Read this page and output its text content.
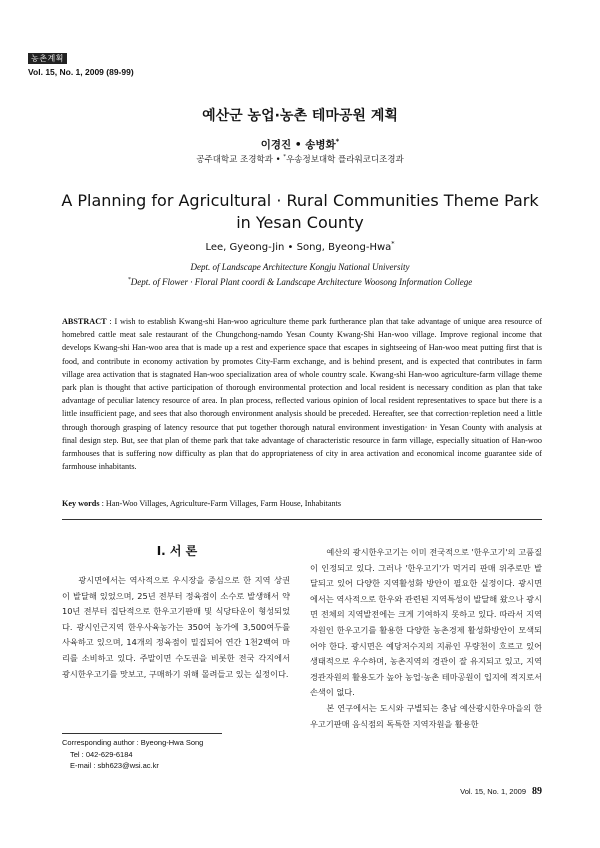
농촌계획
Vol. 15, No. 1, 2009 (89-99)
예산군 농업·농촌 테마공원 계획
이경진 • 송병화*
공주대학교 조경학과 • *우송정보대학 플라워코디조경과
A Planning for Agricultural · Rural Communities Theme Park
in Yesan County
Lee, Gyeong-Jin • Song, Byeong-Hwa*
Dept. of Landscape Architecture Kongju National University
*Dept. of Flower · Floral Plant coordi & Landscape Architecture Woosong Information College
ABSTRACT : I wish to establish Kwang-shi Han-woo agriculture theme park furtherance plan that take advantage of unique area resource of homebred cattle meat sale restaurant of the Chungchong-namdo Yesan County Kwang-Shi Han-woo village. Improve regional income that develops Kwang-shi Han-woo area that is made up a rest and experience space that escapes in sightseeing of Han-woo meat putting first that is food, and contribute in economy activation by promotes City-Farm exchange, and is behind present, and is expected that contributes in farm village area activation that is stagnated Han-woo specialization area of whole country scale. Kwang-shi Han-woo agriculture-farm village theme park plan is thought that active participation of thorough environmental protection and local resident is necessary condition as plan that take advantage of peculiar latency resource of area. In plan process, reflected various opinion of local resident representatives to space but there is a little insufficient page, and sees that also thorough environment analysis should be preceded. Hereafter, see that correction·repletion need a little through thorough grasping of latency resource that put together thorough natural environment investigation· in Yesan County with analysis at final design step. But, see that plan of theme park that take advantage of characteristic resource in farm village, especially situation of Han-woo farmhouses that is suffering now difficulty as plan that do appropriateness of city in area activation and economical income guarantee side of farmhouse inhabitants.
Key words : Han-Woo Villages, Agriculture-Farm Villages, Farm House, Inhabitants
I. 서 론

광시면에서는 역사적으로 우시장을 중심으로 한 지역 상권이 발달해 있었으며, 25년 전부터 정육점이 소수로 발생해서 약 10년 전부터 집단적으로 한우고기판매 및 식당타운이 형성되었다. 광시인근지역 한우사육농가는 350여 농가에 3,500여두를 사육하고 있으며, 14개의 정육점이 밀집되어 연간 1천2백여 마리를 소비하고 있다. 주말이면 수도권을 비롯한 전국 각지에서 광시한우고기를 맛보고, 구매하기 위해 몰려들고 있는 실정이다.

예산의 광시한우고기는 이미 전국적으로 '한우고기'의 고품질이 인정되고 있다. 그러나 '한우고기'가 먹거리 판매 위주로만 발달되고 있어 다양한 지역활성화 방안이 필요한 실정이다. 광시면에서는 역사적으로 한우와 관련된 지역특성이 발달해 왔으나 광시면 전체의 지역발전에는 크게 기여하지 못하고 있다. 따라서 지역자원인 한우고기를 활용한 다양한 농촌경제 활성화방안이 모색되어야 한다. 광시면은 예당저수지의 지류인 무량천이 흐르고 있어 생태적으로 우수하며, 농촌지역의 경관이 잘 유지되고 있고, 지역경관자원의 활용도가 높아 농업·농촌 테마공원이 입지에 적지로서 손색이 없다.

본 연구에서는 도시와 구별되는 충남 예산광시한우마을의 한우고기판매 음식점의 독특한 지역자원을 활용한

Corresponding author : Byeong-Hwa Song
Tel : 042-629-6184
E-mail : sbh623@wsi.ac.kr
Vol. 15, No. 1, 2009 89
